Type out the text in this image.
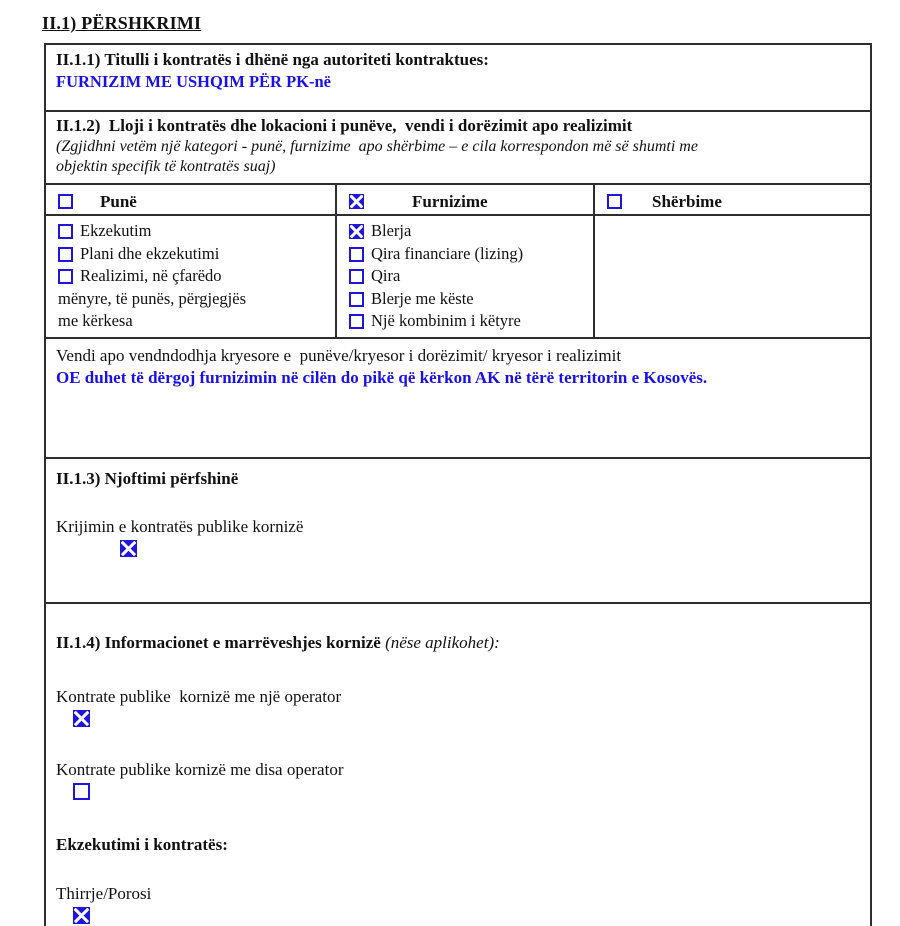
II.1) PËRSHKRIMI
II.1.1) Titulli i kontratës i dhënë nga autoriteti kontraktues:
FURNIZIM ME USHQIM PËR PK-në
II.1.2)  Lloji i kontratës dhe lokacioni i punëve,  vendi i dorëzimit apo realizimit
(Zgjidhni vetëm një kategori - punë, furnizime  apo shërbime – e cila korrespondon më së shumti me
objektin specifik të kontratës suaj)
Punë	Furnizime	Shërbime
Ekzekutim
Plani dhe ekzekutimi
Realizimi, në çfarëdo
mënyre, të punës, përgjegjës
me kërkesa
Blerja
Qira financiare (lizing)
Qira
Blerje me këste
Një kombinim i këtyre
Vendi apo vendndodhja kryesore e  punëve/kryesor i dorëzimit/ kryesor i realizimit
OE duhet të dërgoj furnizimin në cilën do pikë që kërkon AK në tërë territorin e Kosovës.
II.1.3) Njoftimi përfshinë
Krijimin e kontratës publike kornizë
II.1.4) Informacionet e marrëveshjes kornizë (nëse aplikohet):
Kontrate publike  kornizë me një operator
Kontrate publike kornizë me disa operator
Ekzekutimi i kontratës:
Thirrje/Porosi
